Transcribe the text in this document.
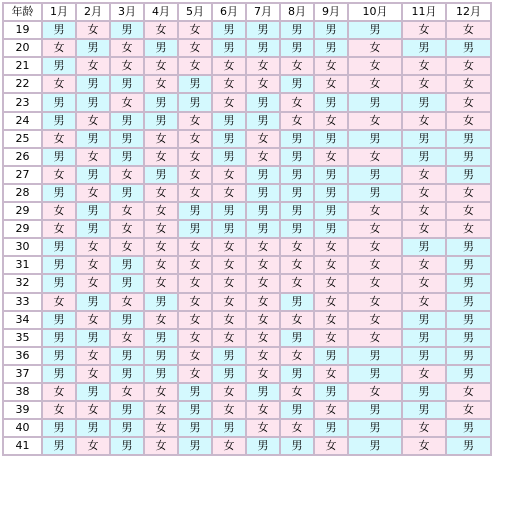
年龄	1月	2月	3月	4月	5月	6月	7月	8月	9月	10月	11月	12月
19	男	女	男	女	女	男	男	男	男	男	女	女
20	女	男	女	男	女	男	男	男	男	女	男	男
21	男	女	女	女	女	女	女	女	女	女	女	女
22	女	男	男	女	男	女	女	男	女	女	女	女
23	男	男	女	男	男	女	男	女	男	男	男	女
24	男	女	男	男	女	男	男	女	女	女	女	女
25	女	男	男	女	女	男	女	男	男	男	男	男
26	男	女	男	女	女	男	女	男	女	女	男	男
27	女	男	女	男	女	女	男	男	男	男	女	男
28	男	女	男	女	女	女	男	男	男	男	女	女
29	女	男	女	女	男	男	男	男	男	女	女	女
29	女	男	女	女	男	男	男	男	男	女	女	女
30	男	女	女	女	女	女	女	女	女	女	男	男
31	男	女	男	女	女	女	女	女	女	女	女	男
32	男	女	男	女	女	女	女	女	女	女	女	男
33	女	男	女	男	女	女	女	男	女	女	女	男
34	男	女	男	女	女	女	女	女	女	女	男	男
35	男	男	女	男	女	女	女	男	女	女	男	男
36	男	女	男	男	女	男	女	女	男	男	男	男
37	男	女	男	男	女	男	女	男	女	男	女	男
38	女	男	女	女	男	女	男	女	男	女	男	女
39	女	女	男	女	男	女	女	男	女	男	男	女
40	男	男	男	女	男	男	女	女	男	男	女	男
41	男	女	男	女	男	女	男	男	女	男	女	男
